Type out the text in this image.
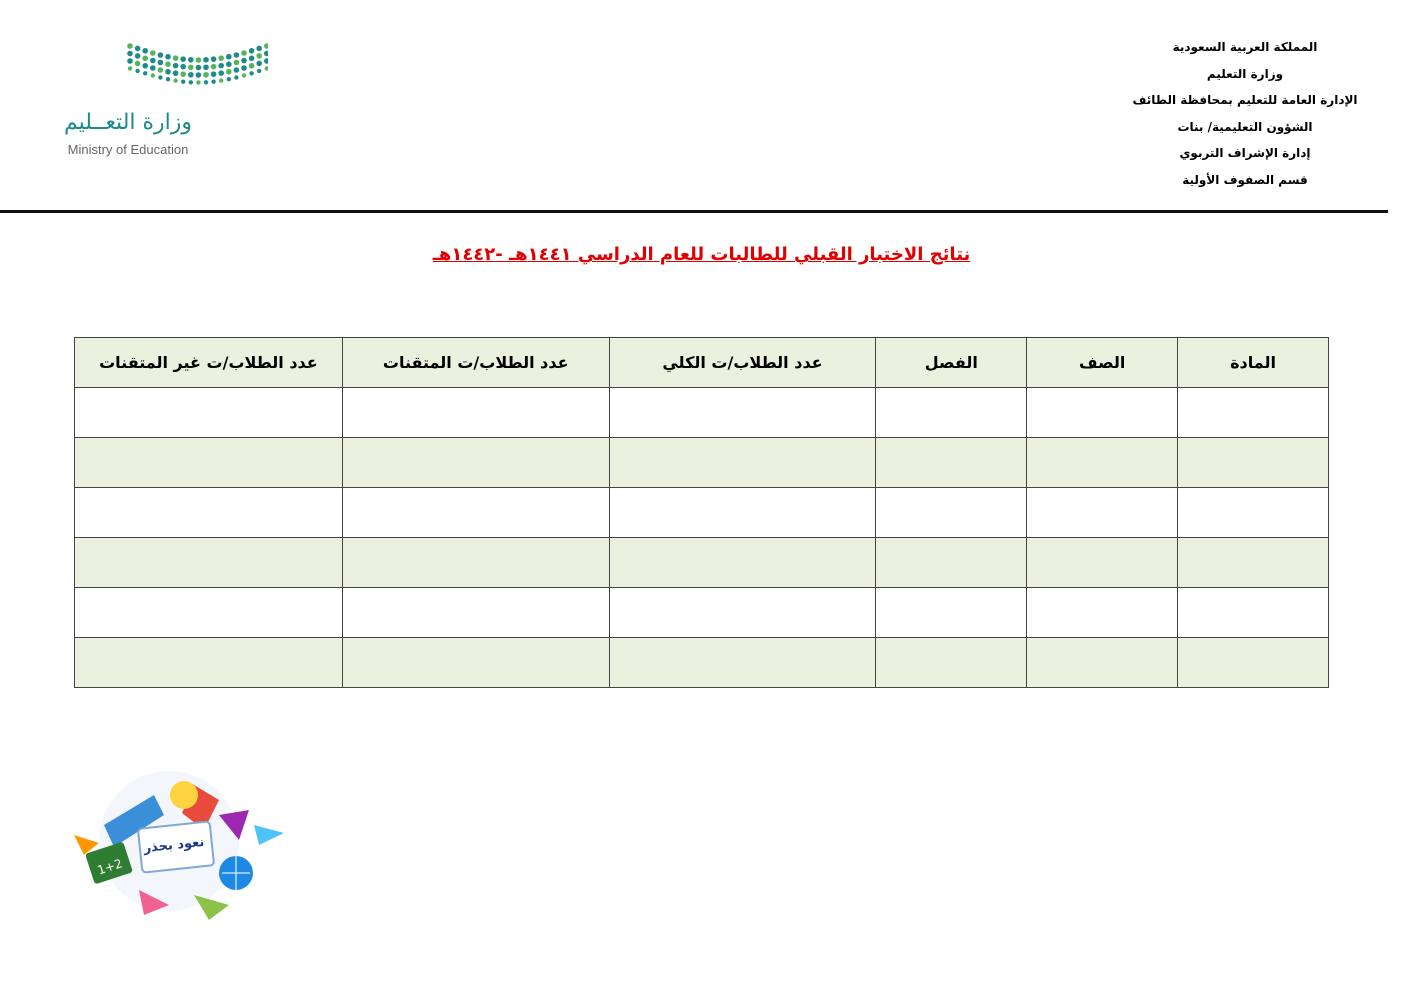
وزارة التعــليم
Ministry of Education
المملكة العربية السعودية
وزارة التعليم
الإدارة العامة للتعليم بمحافظة الطائف
الشؤون التعليمية/ بنات
إدارة الإشراف التربوي
قسم الصفوف الأولية
نتائج الاختبار القبلي للطالبات للعام الدراسي ١٤٤١هـ -١٤٤٢هـ
المادة	الصف	الفصل	عدد الطلاب/ت الكلي	عدد الطلاب/ت المتقنات	عدد الطلاب/ت غير المتقنات

1+2
نعود بحذر
